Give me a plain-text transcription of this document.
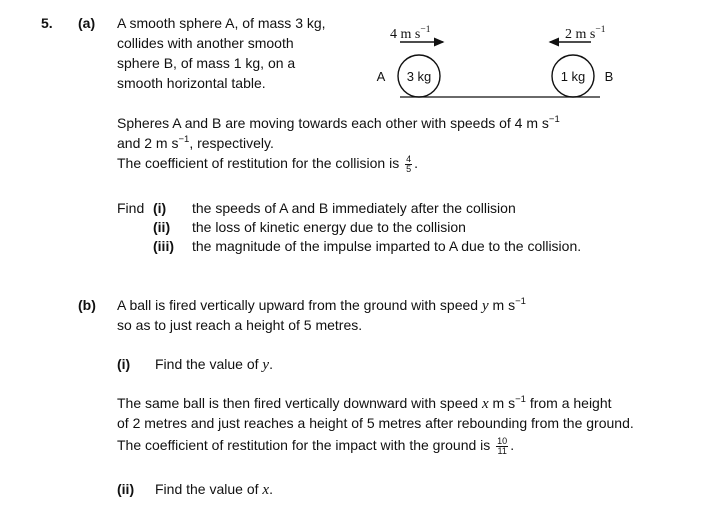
5. (a) A smooth sphere A, of mass 3 kg,
collides with another smooth
sphere B, of mass 1 kg, on a
smooth horizontal table.
4 m $s^{-1}$	2 m $s^{-1}$
3 kg
A	1 kg B
Spheres A and B are moving towards each other with speeds of 4 m $s^{-1}$
and 2 m $s^{-1}$, respectively.
The coefficient of restitution for the collision is $\frac{4}{5}$ .
Find (i) the speeds of A and B immediately after the collision
(ii) the loss of kinetic energy due to the collision
(iii) the magnitude of the impulse imparted to A due to the collision.
(b) A ball is fired vertically upward from the ground with speed y m $s^{-1}$
so as to just reach a height of 5 metres.
(i) Find the value of y.
The same ball is then fired vertically downward with speed x m $s^{-1}$ from a height
of 2 metres and just reaches a height of 5 metres after rebounding from the ground.
The coefficient of restitution for the impact with the ground is $\frac{10}{11}$ .
(ii) Find the value of x.
